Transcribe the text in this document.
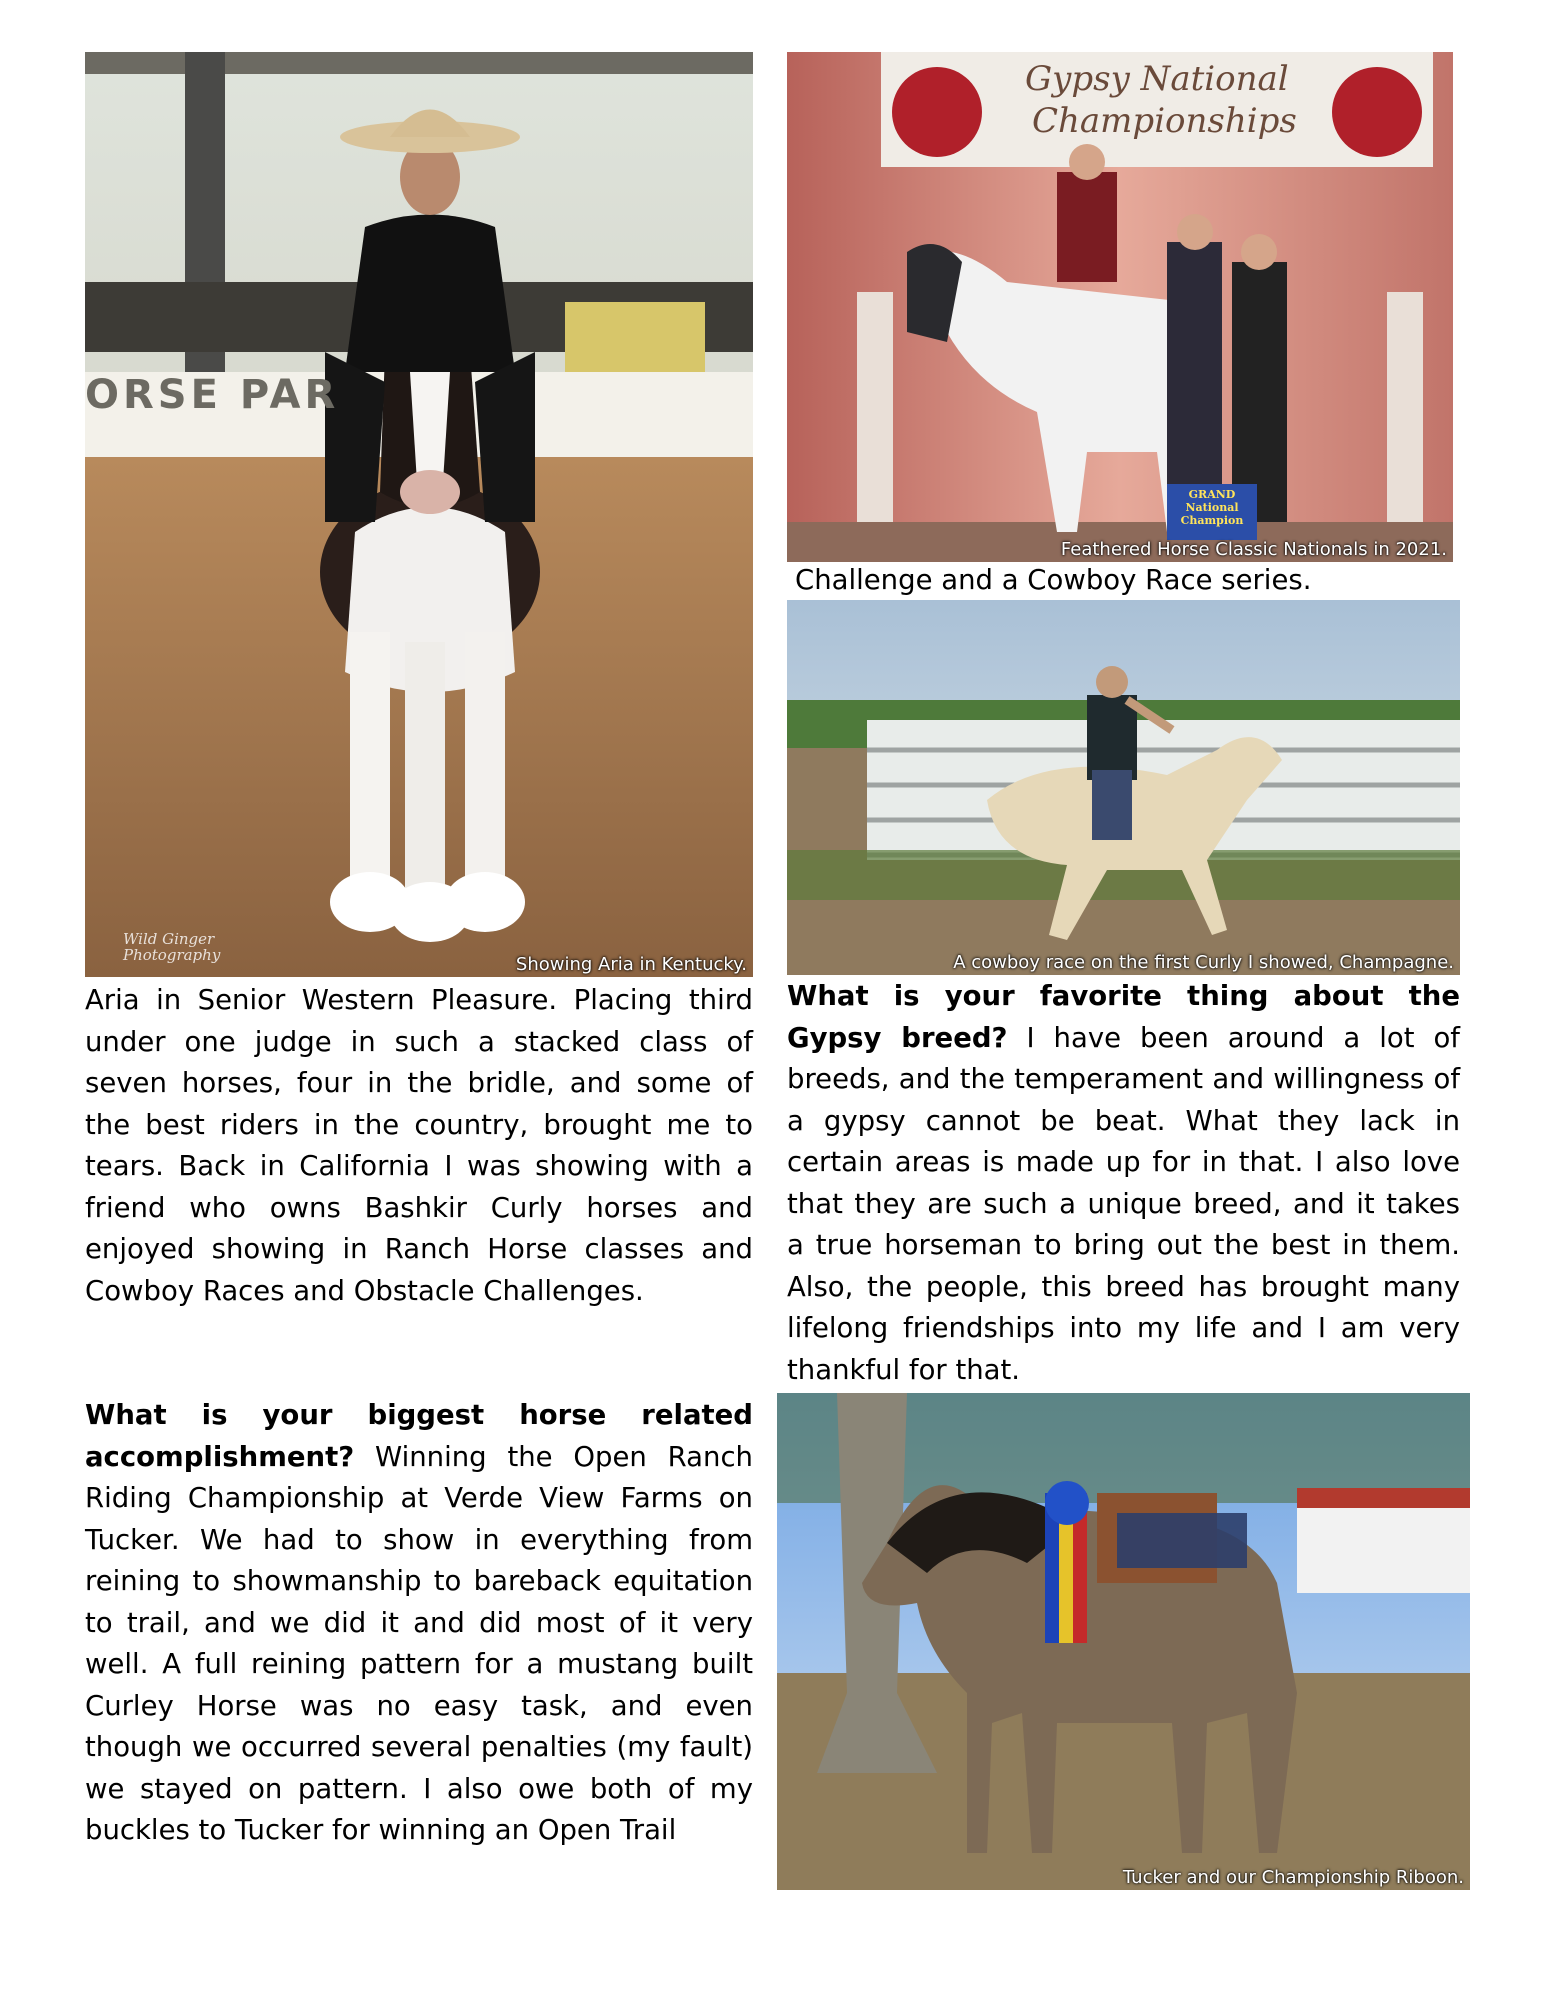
Wild Ginger
Photography
ORSE PAR
Showing Aria in Kentucky.
Gypsy National
Championships
GRAND
National Champion
Feathered Horse Classic Nationals in 2021.
Challenge and a Cowboy Race series.
A cowboy race on the first Curly I showed, Champagne.

Aria in Senior Western Pleasure. Placing third under one judge in such a stacked class of seven horses, four in the bridle, and some of the best riders in the country, brought me to tears. Back in California I was showing with a friend who owns Bashkir Curly horses and enjoyed showing in Ranch Horse classes and Cowboy Races and Obstacle Challenges.

What is your biggest horse related accomplishment? Winning the Open Ranch Riding Championship at Verde View Farms on Tucker. We had to show in everything from reining to showmanship to bareback equitation to trail, and we did it and did most of it very well. A full reining pattern for a mustang built Curley Horse was no easy task, and even though we occurred several penalties (my fault) we stayed on pattern. I also owe both of my buckles to Tucker for winning an Open Trail

What is your favorite thing about the Gypsy breed? I have been around a lot of breeds, and the temperament and willingness of a gypsy cannot be beat. What they lack in certain areas is made up for in that. I also love that they are such a unique breed, and it takes a true horseman to bring out the best in them. Also, the people, this breed has brought many lifelong friendships into my life and I am very thankful for that.

Tucker and our Championship Riboon.
